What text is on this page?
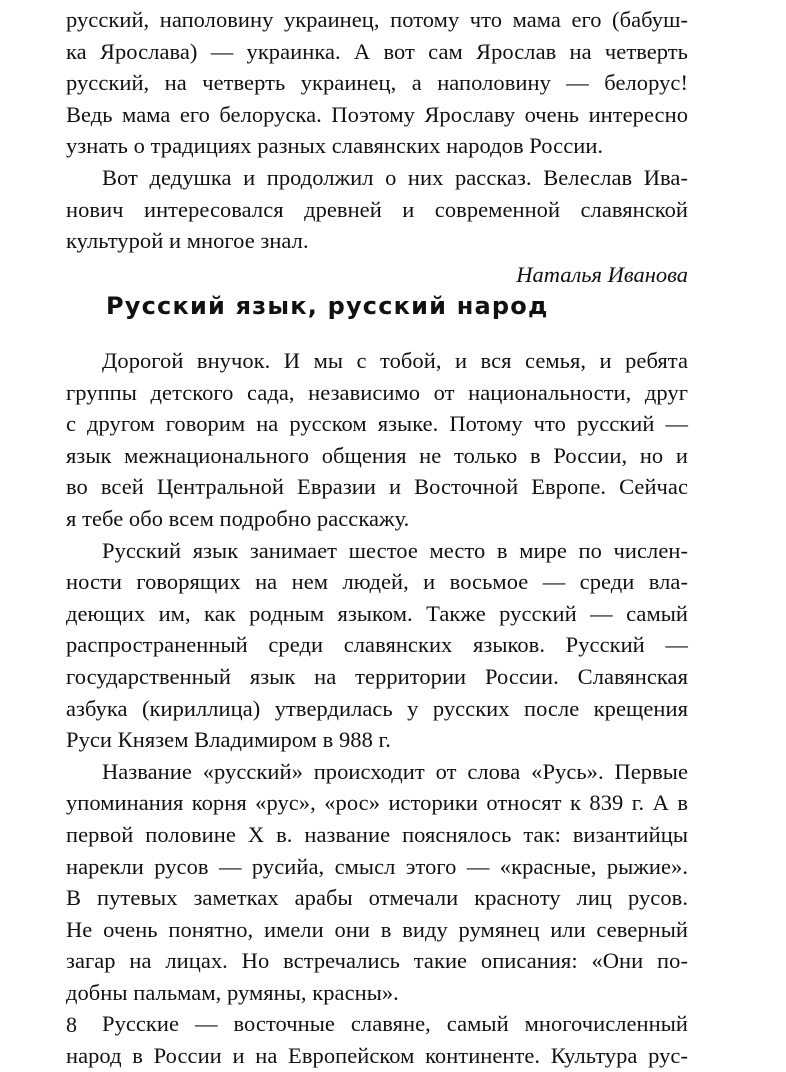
русский, наполовину украинец, потому что мама его (бабуш-
ка Ярослава) — украинка. А вот сам Ярослав на четверть
русский, на четверть украинец, а наполовину — белорус!
Ведь мама его белоруска. Поэтому Ярославу очень интересно
узнать о традициях разных славянских народов России.
Вот дедушка и продолжил о них рассказ. Велеслав Ива-
нович интересовался древней и современной славянской
культурой и многое знал.
Наталья Иванова
Русский язык, русский народ
Дорогой внучок. И мы с тобой, и вся семья, и ребята
группы детского сада, независимо от национальности, друг
с другом говорим на русском языке. Потому что русский —
язык межнационального общения не только в России, но и
во всей Центральной Евразии и Восточной Европе. Сейчас
я тебе обо всем подробно расскажу.
Русский язык занимает шестое место в мире по числен-
ности говорящих на нем людей, и восьмое — среди вла-
деющих им, как родным языком. Также русский — самый
распространенный среди славянских языков. Русский —
государственный язык на территории России. Славянская
азбука (кириллица) утвердилась у русских после крещения
Руси Князем Владимиром в 988 г.
Название «русский» происходит от слова «Русь». Первые
упоминания корня «рус», «рос» историки относят к 839 г. А в
первой половине X в. название пояснялось так: византийцы
нарекли русов — русийа, смысл этого — «красные, рыжие».
В путевых заметках арабы отмечали красноту лиц русов.
Не очень понятно, имели они в виду румянец или северный
загар на лицах. Но встречались такие описания: «Они по-
добны пальмам, румяны, красны».
Русские — восточные славяне, самый многочисленный
народ в России и на Европейском континенте. Культура рус-
8
